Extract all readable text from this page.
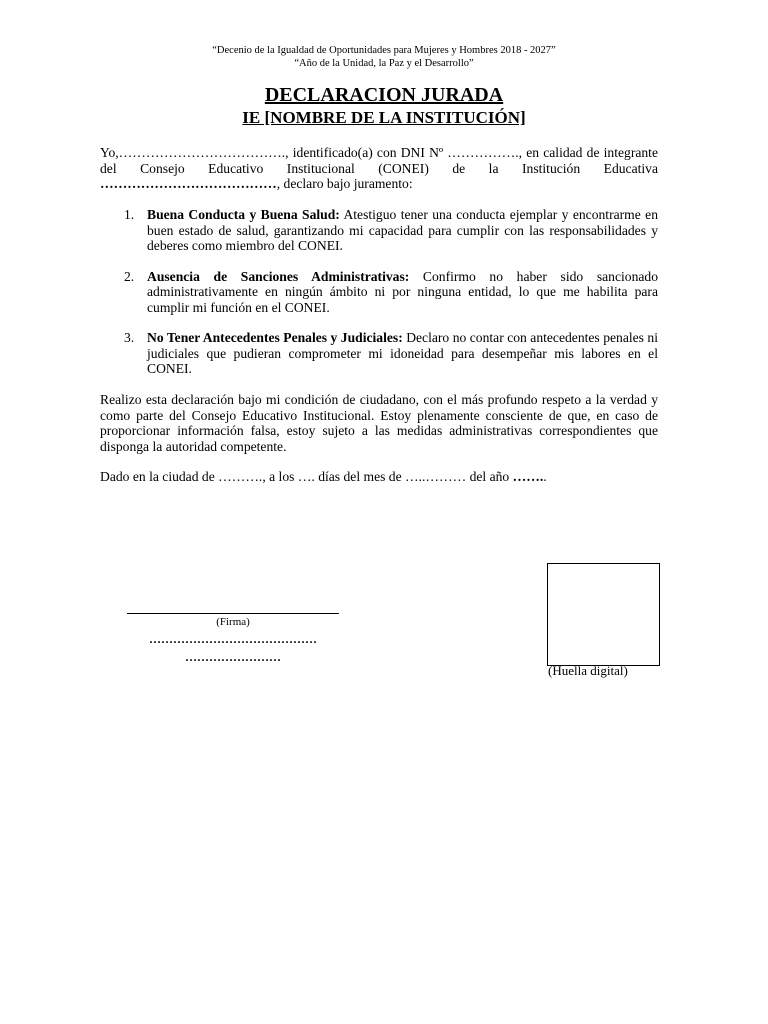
“Decenio de la Igualdad de Oportunidades para Mujeres y Hombres 2018 - 2027”
“Año de la Unidad, la Paz y el Desarrollo”
DECLARACION JURADA
IE [NOMBRE DE LA INSTITUCIÓN]
Yo,………………………………., identificado(a) con DNI Nº ……………., en calidad de integrante del Consejo Educativo Institucional (CONEI) de la Institución Educativa …………………………………, declaro bajo juramento:
1. Buena Conducta y Buena Salud: Atestiguo tener una conducta ejemplar y encontrarme en buen estado de salud, garantizando mi capacidad para cumplir con las responsabilidades y deberes como miembro del CONEI.
2. Ausencia de Sanciones Administrativas: Confirmo no haber sido sancionado administrativamente en ningún ámbito ni por ninguna entidad, lo que me habilita para cumplir mi función en el CONEI.
3. No Tener Antecedentes Penales y Judiciales: Declaro no contar con antecedentes penales ni judiciales que pudieran comprometer mi idoneidad para desempeñar mis labores en el CONEI.
Realizo esta declaración bajo mi condición de ciudadano, con el más profundo respeto a la verdad y como parte del Consejo Educativo Institucional. Estoy plenamente consciente de que, en caso de proporcionar información falsa, estoy sujeto a las medidas administrativas correspondientes que disponga la autoridad competente.
Dado en la ciudad de ………., a los …. días del mes de …..……… del año ……..
(Firma)
……………………………………
……………………
(Huella digital)
